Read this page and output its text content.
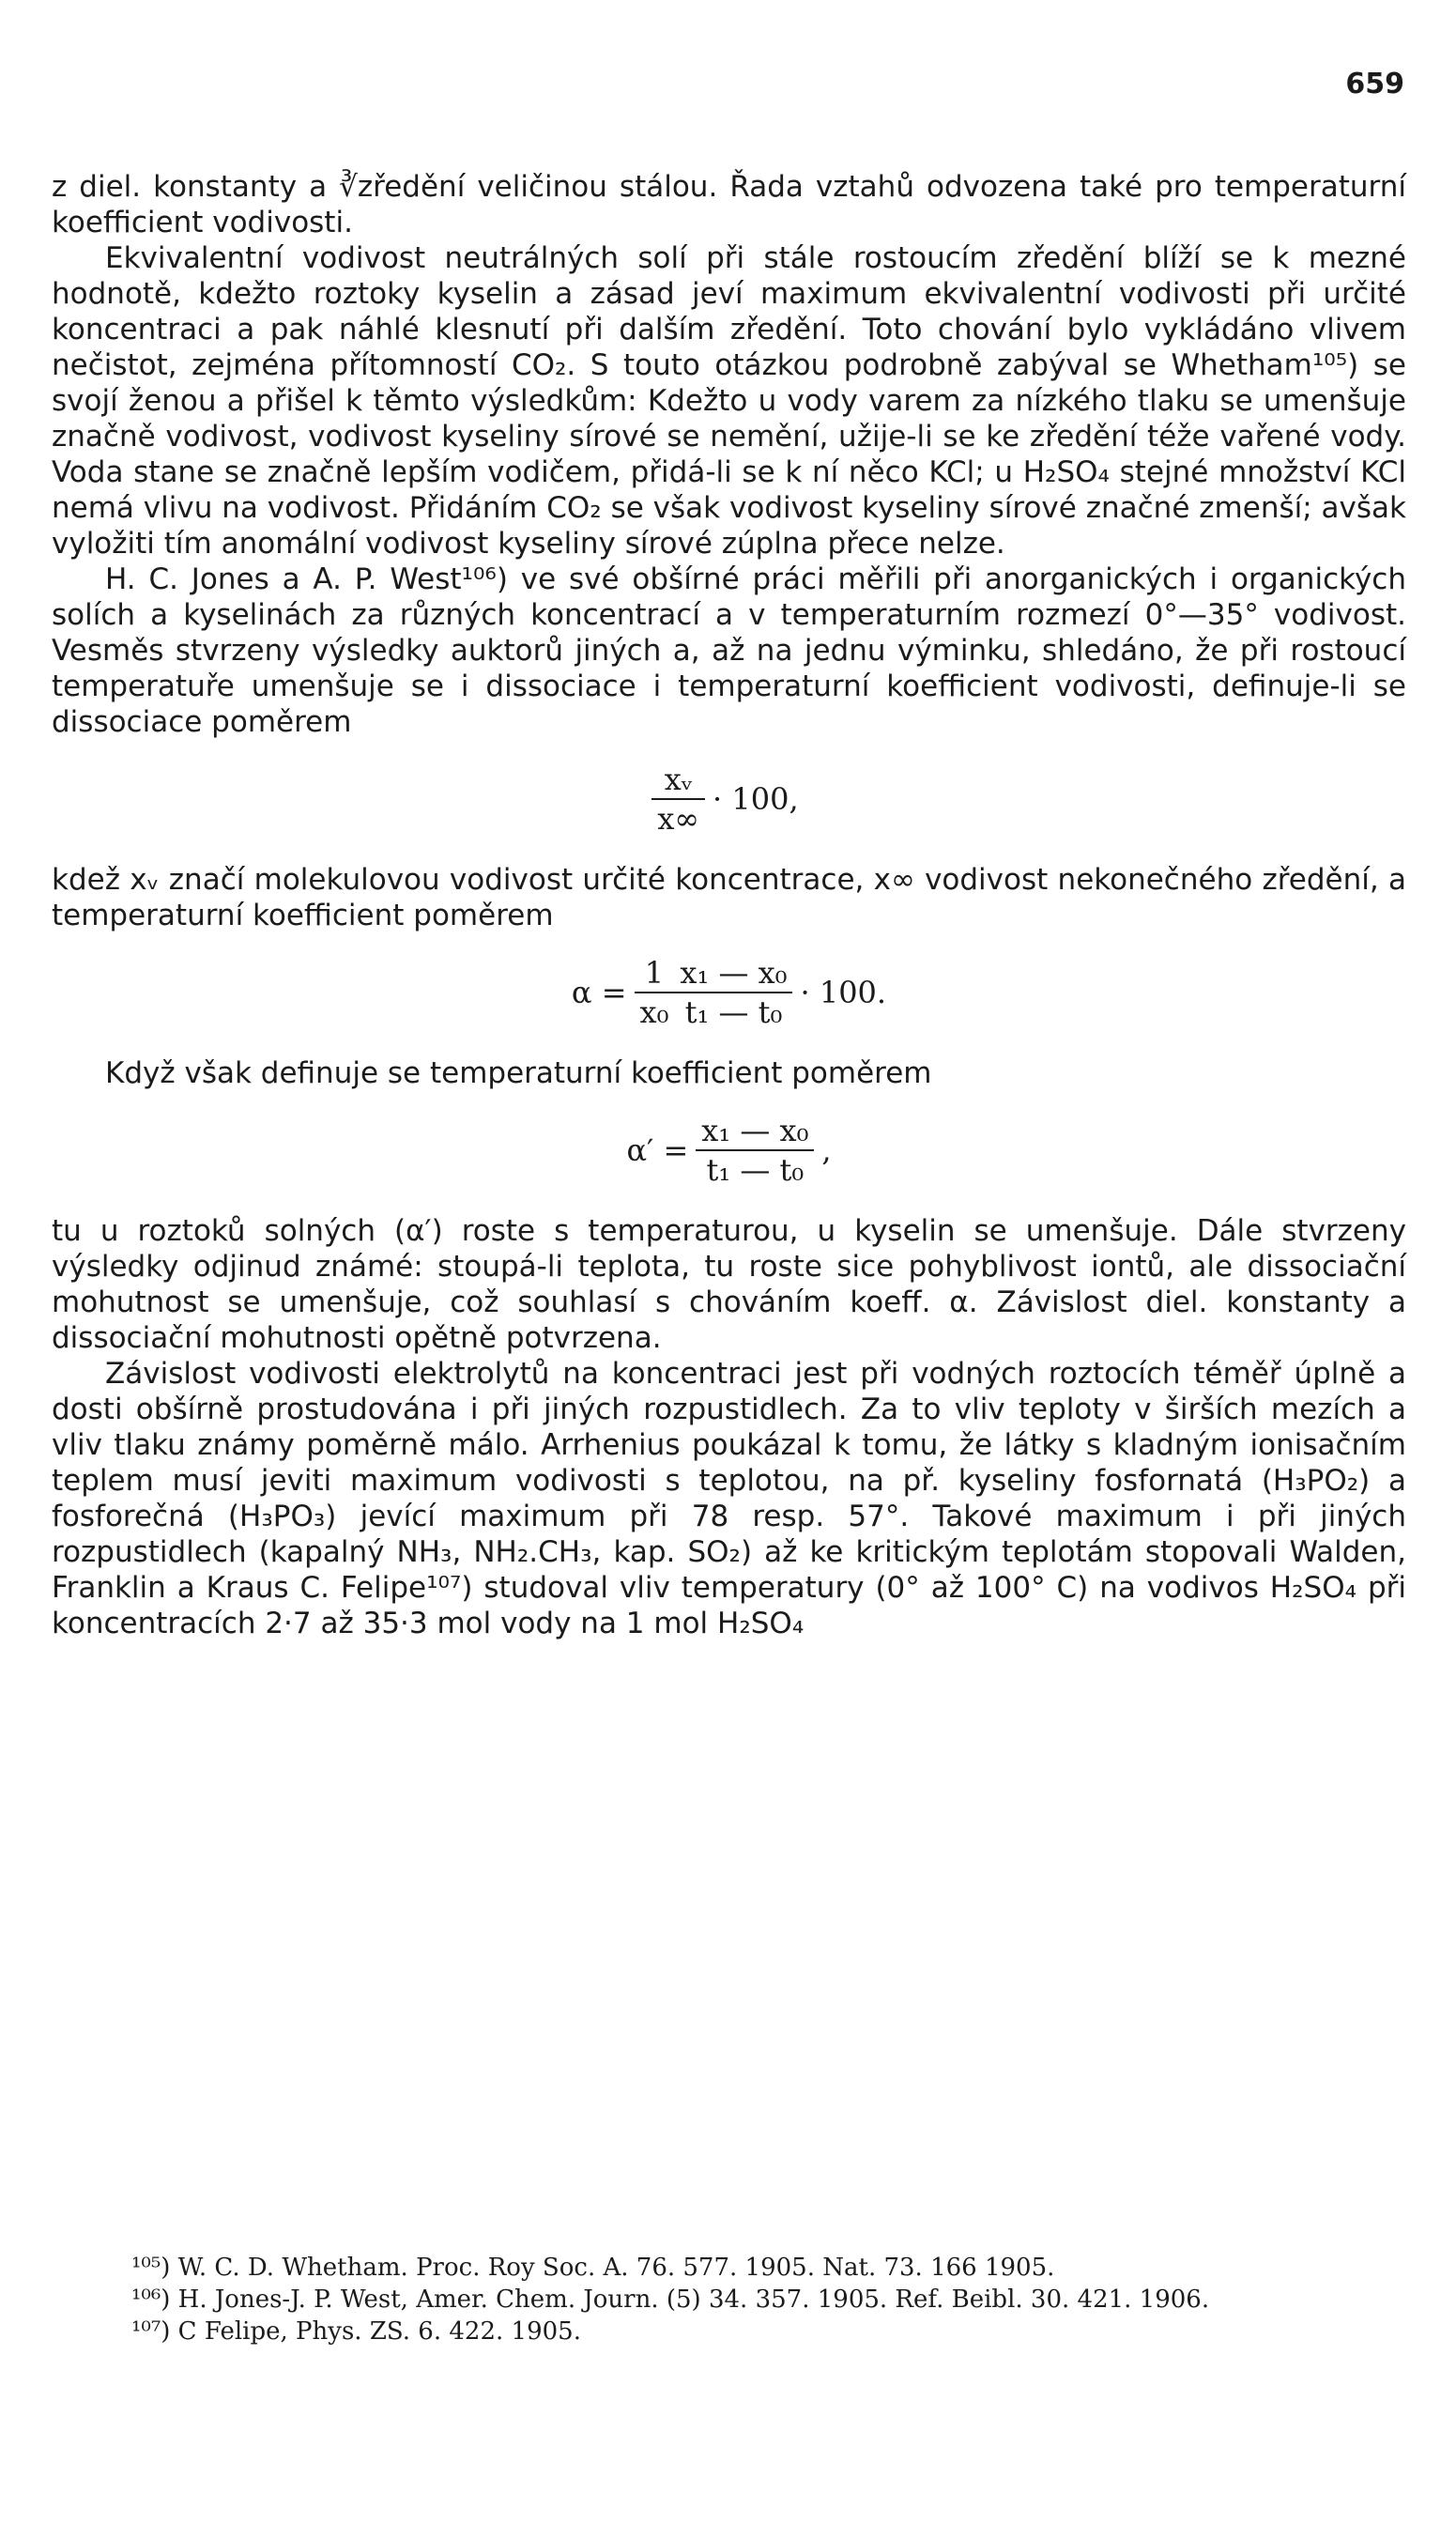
659

z diel. konstanty a ∛zředění veličinou stálou. Řada vztahů odvozena také pro temperaturní koefficient vodivosti.

Ekvivalentní vodivost neutrálných solí při stále rostoucím zředění blíží se k mezné hodnotě, kdežto roztoky kyselin a zásad jeví maximum ekvivalentní vodivosti při určité koncentraci a pak náhlé klesnutí při dalším zředění. Toto chování bylo vykládáno vlivem nečistot, zejména přítomností CO₂. S touto otázkou podrobně zabýval se Whetham¹⁰⁵) se svojí ženou a přišel k těmto výsledkům: Kdežto u vody varem za nízkého tlaku se umenšuje značně vodivost, vodivost kyseliny sírové se nemění, užije-li se ke zředění téže vařené vody. Voda stane se značně lepším vodičem, přidá-li se k ní něco KCl; u H₂SO₄ stejné množství KCl nemá vlivu na vodivost. Přidáním CO₂ se však vodivost kyseliny sírové značné zmenší; avšak vyložiti tím anomální vodivost kyseliny sírové zúplna přece nelze.

H. C. Jones a A. P. West¹⁰⁶) ve své obšírné práci měřili při anorganických i organických solích a kyselinách za různých koncentrací a v temperaturním rozmezí 0°—35° vodivost. Vesměs stvrzeny výsledky auktorů jiných a, až na jednu výminku, shledáno, že při rostoucí temperatuře umenšuje se i dissociace i temperaturní koefficient vodivosti, definuje-li se dissociace poměrem

$\frac{\text{xᵥ}}{x\infty} \cdot 100$,

kdež xᵥ značí molekulovou vodivost určité koncentrace, x∞ vodivost nekonečného zředění, a temperaturní koefficient poměrem

$\alpha = \frac{1}{\text{x₀}} \frac{\text{x₁ — x₀}}{\text{t₁ — t₀}} \cdot 100$.

Když však definuje se temperaturní koefficient poměrem

$\alpha' = \frac{\text{x₁ — x₀}}{\text{t₁ — t₀}}$ ,

tu u roztoků solných (α′) roste s temperaturou, u kyselin se umenšuje. Dále stvrzeny výsledky odjinud známé: stoupá-li teplota, tu roste sice pohyblivost iontů, ale dissociační mohutnost se umenšuje, což souhlasí s chováním koeff. α. Závislost diel. konstanty a dissociační mohutnosti opětně potvrzena.

Závislost vodivosti elektrolytů na koncentraci jest při vodných roztocích téměř úplně a dosti obšírně prostudována i při jiných rozpustidlech. Za to vliv teploty v širších mezích a vliv tlaku známy poměrně málo. Arrhenius poukázal k tomu, že látky s kladným ionisačním teplem musí jeviti maximum vodivosti s teplotou, na př. kyseliny fosfornatá (H₃PO₂) a fosforečná (H₃PO₃) jevící maximum při 78 resp. 57°. Takové maximum i při jiných rozpustidlech (kapalný NH₃, NH₂.CH₃, kap. SO₂) až ke kritickým teplotám stopovali Walden, Franklin a Kraus C. Felipe¹⁰⁷) studoval vliv temperatury (0° až 100° C) na vodivos H₂SO₄ při koncentracích 2·7 až 35·3 mol vody na 1 mol H₂SO₄

¹⁰⁵) W. C. D. Whetham. Proc. Roy Soc. A. 76. 577. 1905. Nat. 73. 166 1905.

¹⁰⁶) H. Jones-J. P. West, Amer. Chem. Journ. (5) 34. 357. 1905. Ref. Beibl. 30. 421. 1906.

¹⁰⁷) C Felipe, Phys. ZS. 6. 422. 1905.
